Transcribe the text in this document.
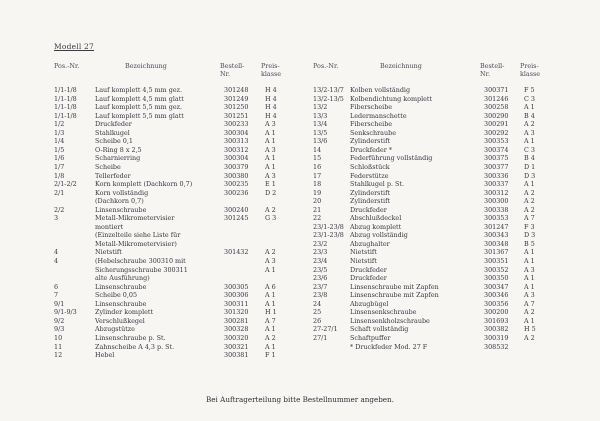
Modell 27
Pos.-Nr.	Bezeichnung	Bestell-
Nr.
Preis-
klasse
1/1-1/8	Lauf komplett 4,5 mm gez.	301248	H 4
1/1-1/8	Lauf komplett 4,5 mm glatt	301249	H 4
1/1-1/8	Lauf komplett 5,5 mm gez.	301250	H 4
1/1-1/8	Lauf komplett 5,5 mm glatt	301251	H 4
1/2	Druckfeder	300233	A 3
1/3	Stahlkugel	300304	A 1
1/4	Scheibe 0,1	300313	A 1
1/5	O-Ring 8 x 2,5	300312	A 3
1/6	Scharnierring	300304	A 1
1/7	Scheibe	300379	A 1
1/8	Tellerfeder	300380	A 3
2/1-2/2	Korn komplett (Dachkorn 0,7)	300235	E 1
2/1	Korn vollständig	300236	D 2
(Dachkorn 0,7)
2/2	Linsenschraube	300240	A 2
3	Metall-Mikrometervisier	301245	G 3
montiert
(Einzelteile siehe Liste für
Metall-Mikrometervisier)
4	Nietstift	301432	A 2
4	(Hebelschraube 300310 mit	A 3
Sicherungsschraube 300311	A 1
alte Ausführung)
6	Linsenschraube	300305	A 6
7	Scheibe 0,05	300306	A 1
9/1	Linsenschraube	300311	A 1
9/1-9/3	Zylinder komplett	301320	H 1
9/2	Verschlußkegel	300281	A 7
9/3	Abzugstütze	300328	A 1
10	Linsenschraube p. St.	300320	A 2
11	Zahnscheibe A 4,3 p. St.	300321	A 1
12	Hebel	300381	F 1
Pos.-Nr.	Bezeichnung	Bestell-
Nr.
Preis-
klasse
13/2-13/7 Kolben vollständig	300371 F 5
13/2-13/5 Kolbendichtung komplett	301246 C 3
13/2	Fiberscheibe	300258 A 1
13/3	Ledermanschette	300290 B 4
13/4	Fiberscheibe	300291 A 2
13/5	Senkschraube	300292 A 3
13/6	Zylinderstift	300353 A 1
14	Druckfeder *	300374 C 3
15	Federführung vollständig	300375 B 4
16	Schloßstück	300377 D 1
17	Federstütze	300336 D 3
18	Stahlkugel p. St.	300337 A 1
19	Zylinderstift	300312 A 2
20	Zylinderstift	300300 A 2
21	Druckfeder	300338 A 2
22	Abschlußdeckel	300353 A 7
23/1-23/8 Abzug komplett	301247 F 3
23/1-23/8 Abzug vollständig	300343 D 3
23/2	Abzughalter	300348 B 5
23/3	Nietstift	301367 A 1
23/4	Nietstift	300351 A 1
23/5	Druckfeder	300352 A 3
23/6	Druckfeder	300350 A 1
23/7	Linsenschraube mit Zapfen	300347 A 1
23/8	Linsenschraube mit Zapfen	300346 A 3
24	Abzugbügel	300356 A 7
25	Linsensenkschraube	300200 A 2
26	Linsensenkholzschraube	301693 A 1
27-27/1 Schaft vollständig	300382 H 5
27/1	Schaftpuffer	300319 A 2
* Druckfeder Mod. 27 F	308532
Bei Auftragerteilung bitte Bestellnummer angeben.
